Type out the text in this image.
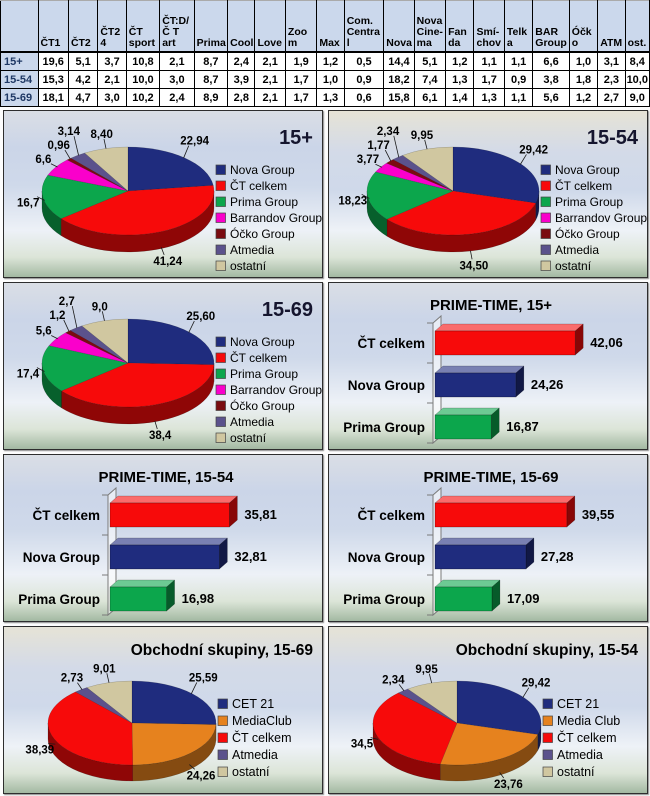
	ČT1	ČT2	ČT24	ČT sport	ČT:D/Č T art	Prima	Cool	Love	Zoom	Max	Com. Central	Nova	Nova Cine-ma	Fanda	Smí-chov	Telka	BAR Group	Óčko	ATM	ost.
15+	19,6	5,1	3,7	10,8	2,1	8,7	2,4	2,1	1,9	1,2	0,5	14,4	5,1	1,2	1,1	1,1	6,6	1,0	3,1	8,4
15-54	15,3	4,2	2,1	10,0	3,0	8,7	3,9	2,1	1,7	1,0	0,9	18,2	7,4	1,3	1,7	0,9	3,8	1,8	2,3	10,0
15-69	18,1	4,7	3,0	10,2	2,4	8,9	2,8	2,1	1,7	1,3	0,6	15,8	6,1	1,4	1,3	1,1	5,6	1,2	2,7	9,0
22,94
41,24
16,7
6,6
0,96
3,14 8,40
Nova Group
ČT celkem
Prima Group
Barrandov Group
Óčko Group
Atmedia
ostatní
15+
29,42
34,50
18,23
3,77
1,77
2,34 9,95
Nova Group
ČT celkem
Prima Group
Barrandov Group
Óčko Group
Atmedia
ostatní
15-54
25,60
38,4
17,4
5,6
1,2
2,7 9,0
Nova Group
ČT celkem
Prima Group
Barrandov Group
Óčko Group
Atmedia
ostatní
15-69	PRIME-TIME, 15+
ČT celkem	42,06
Nova Group	24,26
Prima Group	16,87
PRIME-TIME, 15-54
ČT celkem	35,81
Nova Group	32,81
Prima Group	16,98
PRIME-TIME, 15-69
ČT celkem	39,55
Nova Group	27,28
Prima Group	17,09
25,59
24,26
38,39
2,73
9,01
CET 21
MediaClub
ČT celkem
Atmedia
ostatní
Obchodní skupiny, 15-69
29,42
23,76
34,5
2,34
9,95
CET 21
Media Club
ČT celkem
Atmedia
ostatní
Obchodní skupiny, 15-54
